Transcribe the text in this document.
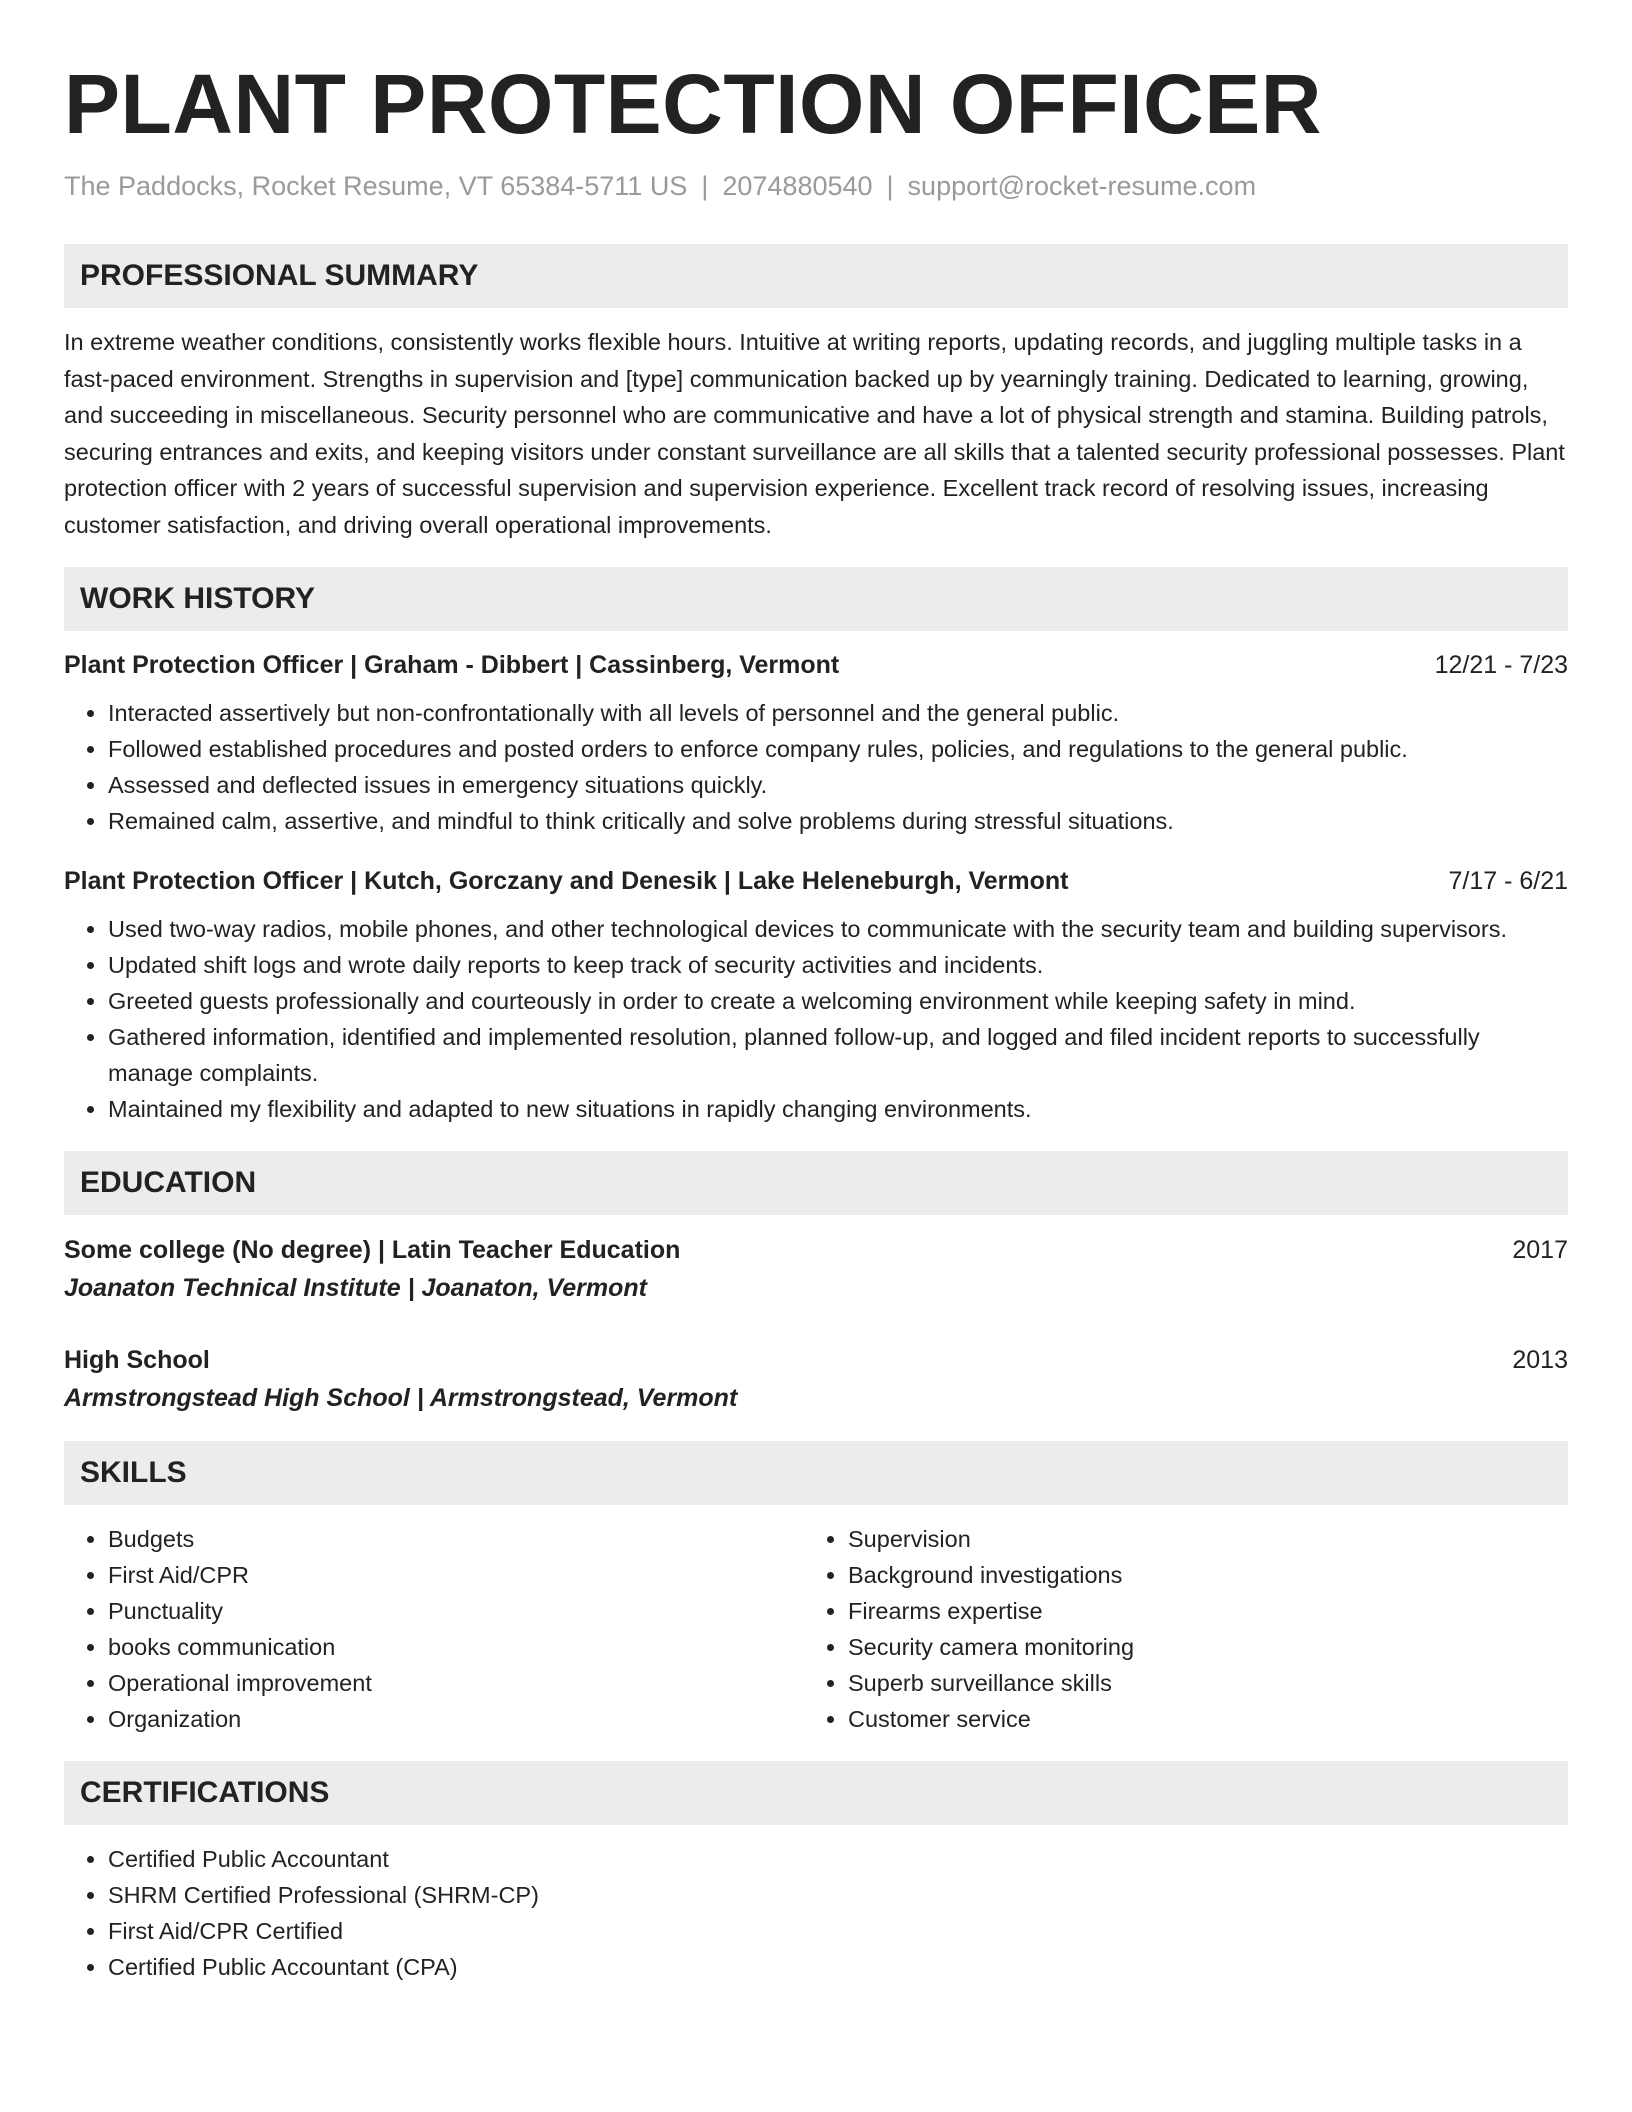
PLANT PROTECTION OFFICER
The Paddocks, Rocket Resume, VT 65384-5711 US | 2074880540 | support@rocket-resume.com
PROFESSIONAL SUMMARY
In extreme weather conditions, consistently works flexible hours. Intuitive at writing reports, updating records, and juggling multiple tasks in a fast-paced environment. Strengths in supervision and [type] communication backed up by yearningly training. Dedicated to learning, growing, and succeeding in miscellaneous. Security personnel who are communicative and have a lot of physical strength and stamina. Building patrols, securing entrances and exits, and keeping visitors under constant surveillance are all skills that a talented security professional possesses. Plant protection officer with 2 years of successful supervision and supervision experience. Excellent track record of resolving issues, increasing customer satisfaction, and driving overall operational improvements.
WORK HISTORY
Plant Protection Officer | Graham - Dibbert | Cassinberg, Vermont	12/21 - 7/23
• Interacted assertively but non-confrontationally with all levels of personnel and the general public.
• Followed established procedures and posted orders to enforce company rules, policies, and regulations to the general public.
• Assessed and deflected issues in emergency situations quickly.
• Remained calm, assertive, and mindful to think critically and solve problems during stressful situations.
Plant Protection Officer | Kutch, Gorczany and Denesik | Lake Heleneburgh, Vermont	7/17 - 6/21
• Used two-way radios, mobile phones, and other technological devices to communicate with the security team and building supervisors.
• Updated shift logs and wrote daily reports to keep track of security activities and incidents.
• Greeted guests professionally and courteously in order to create a welcoming environment while keeping safety in mind.
• Gathered information, identified and implemented resolution, planned follow-up, and logged and filed incident reports to successfully manage complaints.
• Maintained my flexibility and adapted to new situations in rapidly changing environments.
EDUCATION
Some college (No degree) | Latin Teacher Education	2017
Joanaton Technical Institute | Joanaton, Vermont
High School	2013
Armstrongstead High School | Armstrongstead, Vermont
SKILLS
• Budgets
• First Aid/CPR
• Punctuality
• books communication
• Operational improvement
• Organization
• Supervision
• Background investigations
• Firearms expertise
• Security camera monitoring
• Superb surveillance skills
• Customer service
CERTIFICATIONS
• Certified Public Accountant
• SHRM Certified Professional (SHRM-CP)
• First Aid/CPR Certified
• Certified Public Accountant (CPA)
